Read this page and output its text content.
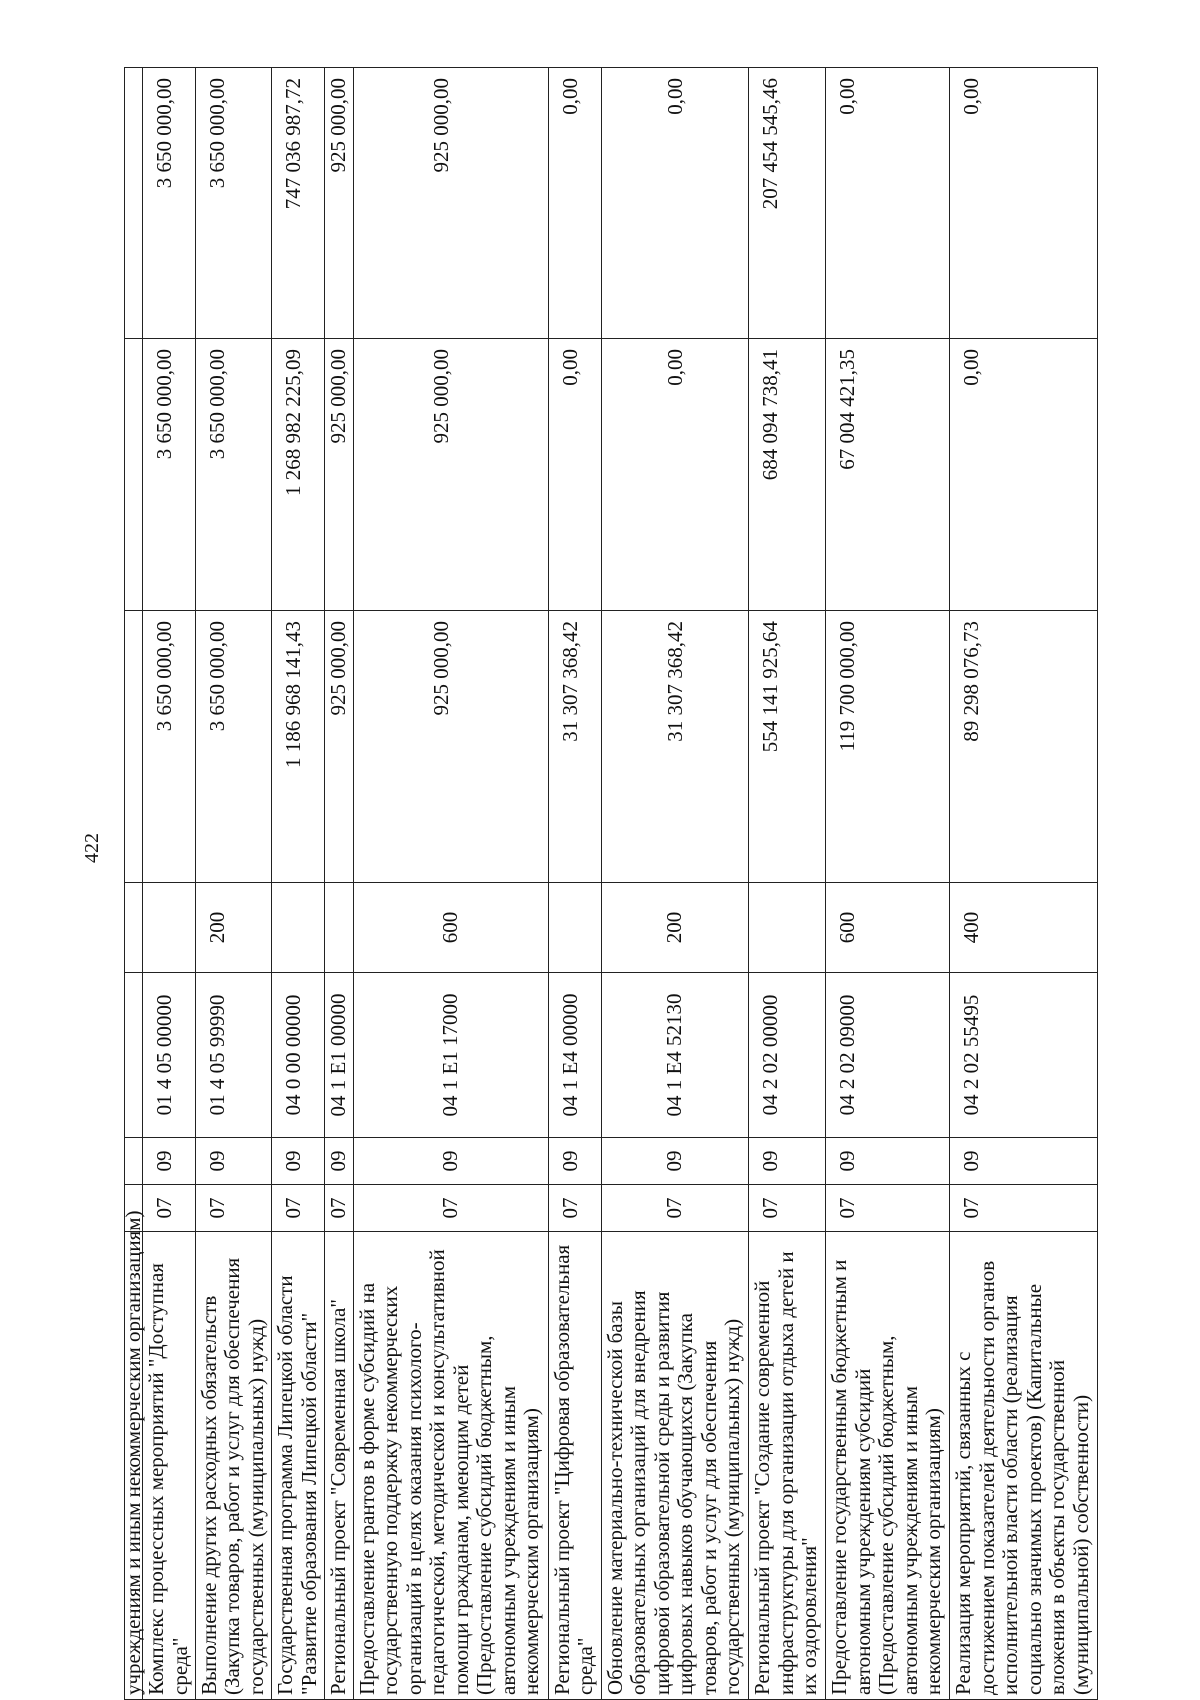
422
учреждениям и иным некоммерческим организациям)							
Комплекс процессных мероприятий "Доступная среда"	07	09	01 4 05 00000		3 650 000,00	3 650 000,00	3 650 000,00
Выполнение других расходных обязательств (Закупка товаров, работ и услуг для обеспечения государственных (муниципальных) нужд)	07	09	01 4 05 99990	200	3 650 000,00	3 650 000,00	3 650 000,00
Государственная программа Липецкой области "Развитие образования Липецкой области"	07	09	04 0 00 00000		1 186 968 141,43	1 268 982 225,09	747 036 987,72
Региональный проект "Современная школа"	07	09	04 1 E1 00000		925 000,00	925 000,00	925 000,00
Предоставление грантов в форме субсидий на государственную поддержку некоммерческих организаций в целях оказания психолого-педагогической, методической и консультативной помощи гражданам, имеющим детей (Предоставление субсидий бюджетным, автономным учреждениям и иным некоммерческим организациям)	07	09	04 1 E1 17000	600	925 000,00	925 000,00	925 000,00
Региональный проект "Цифровая образовательная среда"	07	09	04 1 E4 00000		31 307 368,42	0,00	0,00
Обновление материально-технической базы образовательных организаций для внедрения цифровой образовательной среды и развития цифровых навыков обучающихся (Закупка товаров, работ и услуг для обеспечения государственных (муниципальных) нужд)	07	09	04 1 E4 52130	200	31 307 368,42	0,00	0,00
Региональный проект "Создание современной инфраструктуры для организации отдыха детей и их оздоровления"	07	09	04 2 02 00000		554 141 925,64	684 094 738,41	207 454 545,46
Предоставление государственным бюджетным и автономным учреждениям субсидий (Предоставление субсидий бюджетным, автономным учреждениям и иным некоммерческим организациям)	07	09	04 2 02 09000	600	119 700 000,00	67 004 421,35	0,00
Реализация мероприятий, связанных с достижением показателей деятельности органов исполнительной власти области (реализация социально значимых проектов) (Капитальные вложения в объекты государственной (муниципальной) собственности)	07	09	04 2 02 55495	400	89 298 076,73	0,00	0,00
